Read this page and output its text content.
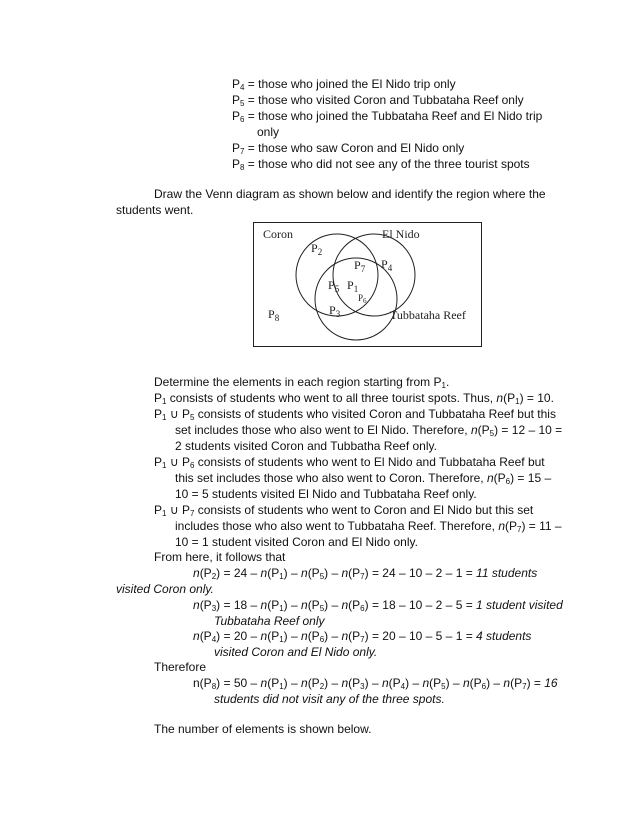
$P_4$ = those who joined the El Nido trip only
$P_5$ = those who visited Coron and Tubbataha Reef only
$P_6$ = those who joined the Tubbataha Reef and El Nido trip
only
$P_7$ = those who saw Coron and El Nido only
$P_8$ = those who did not see any of the three tourist spots
Draw the Venn diagram as shown below and identify the region where the
students went.
Coron	El Nido
Tubbataha Reef
$P_2$
$P_7$ $P_4$
$P_5$ $P_1$
$P_6$
$P_3$
$P_8$
Determine the elements in each region starting from $P_1$.
$P_1$ consists of students who went to all three tourist spots. Thus, $n(P_1) = 10$.
$P_1$ ∪ $P_5$ consists of students who visited Coron and Tubbataha Reef but this
set includes those who also went to El Nido. Therefore, $n(P_5) = 12 - 10$ =
2 students visited Coron and Tubbatha Reef only.
$P_1$ ∪ $P_6$ consists of students who went to El Nido and Tubbataha Reef but
this set includes those who also went to Coron. Therefore, $n(P_6) = 15$ –
10 = 5 students visited El Nido and Tubbataha Reef only.
$P_1$ ∪ $P_7$ consists of students who went to Coron and El Nido but this set
includes those who also went to Tubbataha Reef. Therefore, $n(P_7) = 11$ –
10 = 1 student visited Coron and El Nido only.
From here, it follows that
$n(P_2) = 24 - n(P_1) - n(P_5) - n(P_7) = 24 - 10 - 2 - 1 = 11$ students
visited Coron only.
$n(P_3) = 18 - n(P_1) - n(P_5) - n(P_6) = 18 - 10 - 2 - 5 = 1$ student visited
Tubbataha Reef only
$n(P_4) = 20 - n(P_1) - n(P_6) - n(P_7) = 20 - 10 - 5 - 1 = 4$ students
visited Coron and El Nido only.
Therefore
$n(P_8) = 50 - n(P_1) - n(P_2) - n(P_3) - n(P_4) - n(P_5) - n(P_6) - n(P_7) = 16$
students did not visit any of the three spots.
The number of elements is shown below.
